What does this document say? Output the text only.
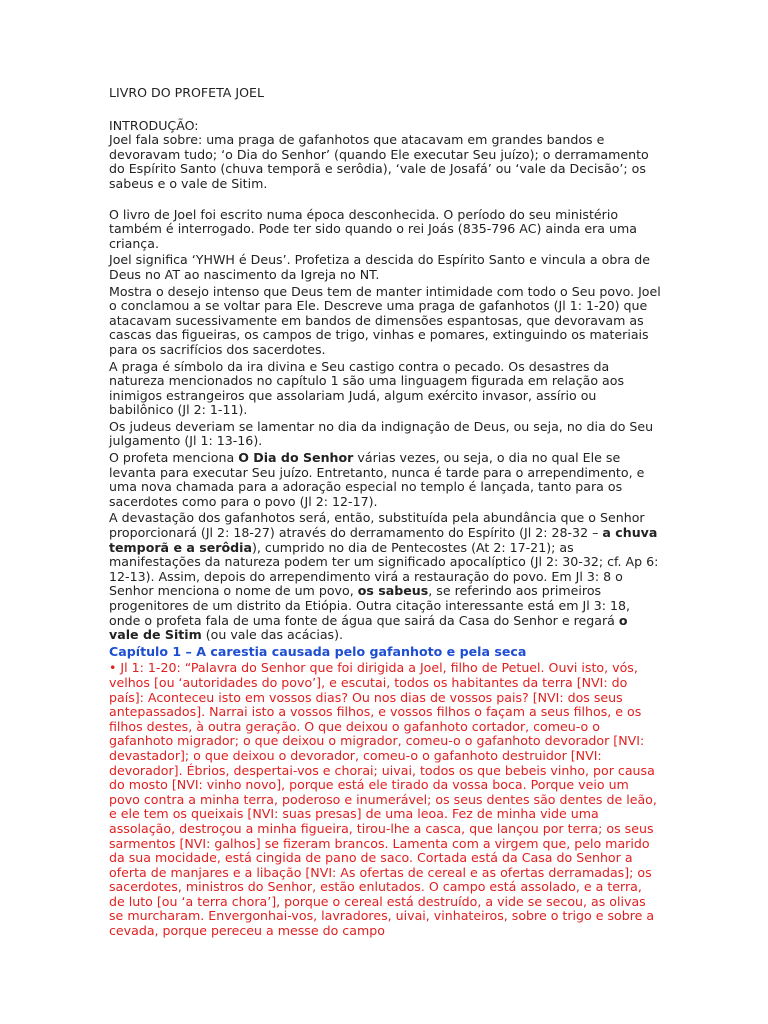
LIVRO DO PROFETA JOEL

INTRODUÇÃO:

Joel fala sobre: uma praga de gafanhotos que atacavam em grandes bandos e devoravam tudo; ‘o Dia do Senhor’ (quando Ele executar Seu juízo); o derramamento do Espírito Santo (chuva temporã e serôdia), ‘vale de Josafá’ ou ‘vale da Decisão’; os sabeus e o vale de Sitim.

O livro de Joel foi escrito numa época desconhecida. O período do seu ministério também é interrogado. Pode ter sido quando o rei Joás (835-796 AC) ainda era uma criança.

Joel significa ‘YHWH é Deus’. Profetiza a descida do Espírito Santo e vincula a obra de Deus no AT ao nascimento da Igreja no NT.

Mostra o desejo intenso que Deus tem de manter intimidade com todo o Seu povo. Joel o conclamou a se voltar para Ele. Descreve uma praga de gafanhotos (Jl 1: 1-20) que atacavam sucessivamente em bandos de dimensões espantosas, que devoravam as cascas das figueiras, os campos de trigo, vinhas e pomares, extinguindo os materiais para os sacrifícios dos sacerdotes.

A praga é símbolo da ira divina e Seu castigo contra o pecado. Os desastres da natureza mencionados no capítulo 1 são uma linguagem figurada em relação aos inimigos estrangeiros que assolariam Judá, algum exército invasor, assírio ou babilônico (Jl 2: 1-11).

Os judeus deveriam se lamentar no dia da indignação de Deus, ou seja, no dia do Seu julgamento (Jl 1: 13-16).

O profeta menciona O Dia do Senhor várias vezes, ou seja, o dia no qual Ele se levanta para executar Seu juízo. Entretanto, nunca é tarde para o arrependimento, e uma nova chamada para a adoração especial no templo é lançada, tanto para os sacerdotes como para o povo (Jl 2: 12-17).

A devastação dos gafanhotos será, então, substituída pela abundância que o Senhor proporcionará (Jl 2: 18-27) através do derramamento do Espírito (Jl 2: 28-32 – a chuva temporã e a serôdia), cumprido no dia de Pentecostes (At 2: 17-21); as manifestações da natureza podem ter um significado apocalíptico (Jl 2: 30-32; cf. Ap 6: 12-13). Assim, depois do arrependimento virá a restauração do povo. Em Jl 3: 8 o Senhor menciona o nome de um povo, os sabeus, se referindo aos primeiros progenitores de um distrito da Etiópia. Outra citação interessante está em Jl 3: 18, onde o profeta fala de uma fonte de água que sairá da Casa do Senhor e regará o vale de Sitim (ou vale das acácias).

Capítulo 1 – A carestia causada pelo gafanhoto e pela seca

• Jl 1: 1-20: “Palavra do Senhor que foi dirigida a Joel, filho de Petuel. Ouvi isto, vós, velhos [ou ‘autoridades do povo’], e escutai, todos os habitantes da terra [NVI: do país]: Aconteceu isto em vossos dias? Ou nos dias de vossos pais? [NVI: dos seus antepassados]. Narrai isto a vossos filhos, e vossos filhos o façam a seus filhos, e os filhos destes, à outra geração. O que deixou o gafanhoto cortador, comeu-o o gafanhoto migrador; o que deixou o migrador, comeu-o o gafanhoto devorador [NVI: devastador]; o que deixou o devorador, comeu-o o gafanhoto destruidor [NVI: devorador]. Ébrios, despertai-vos e chorai; uivai, todos os que bebeis vinho, por causa do mosto [NVI: vinho novo], porque está ele tirado da vossa boca. Porque veio um povo contra a minha terra, poderoso e inumerável; os seus dentes são dentes de leão, e ele tem os queixais [NVI: suas presas] de uma leoa. Fez de minha vide uma assolação, destroçou a minha figueira, tirou-lhe a casca, que lançou por terra; os seus sarmentos [NVI: galhos] se fizeram brancos. Lamenta com a virgem que, pelo marido da sua mocidade, está cingida de pano de saco. Cortada está da Casa do Senhor a oferta de manjares e a libação [NVI: As ofertas de cereal e as ofertas derramadas]; os sacerdotes, ministros do Senhor, estão enlutados. O campo está assolado, e a terra, de luto [ou ‘a terra chora’], porque o cereal está destruído, a vide se secou, as olivas se murcharam. Envergonhai-vos, lavradores, uivai, vinhateiros, sobre o trigo e sobre a cevada, porque pereceu a messe do campo
